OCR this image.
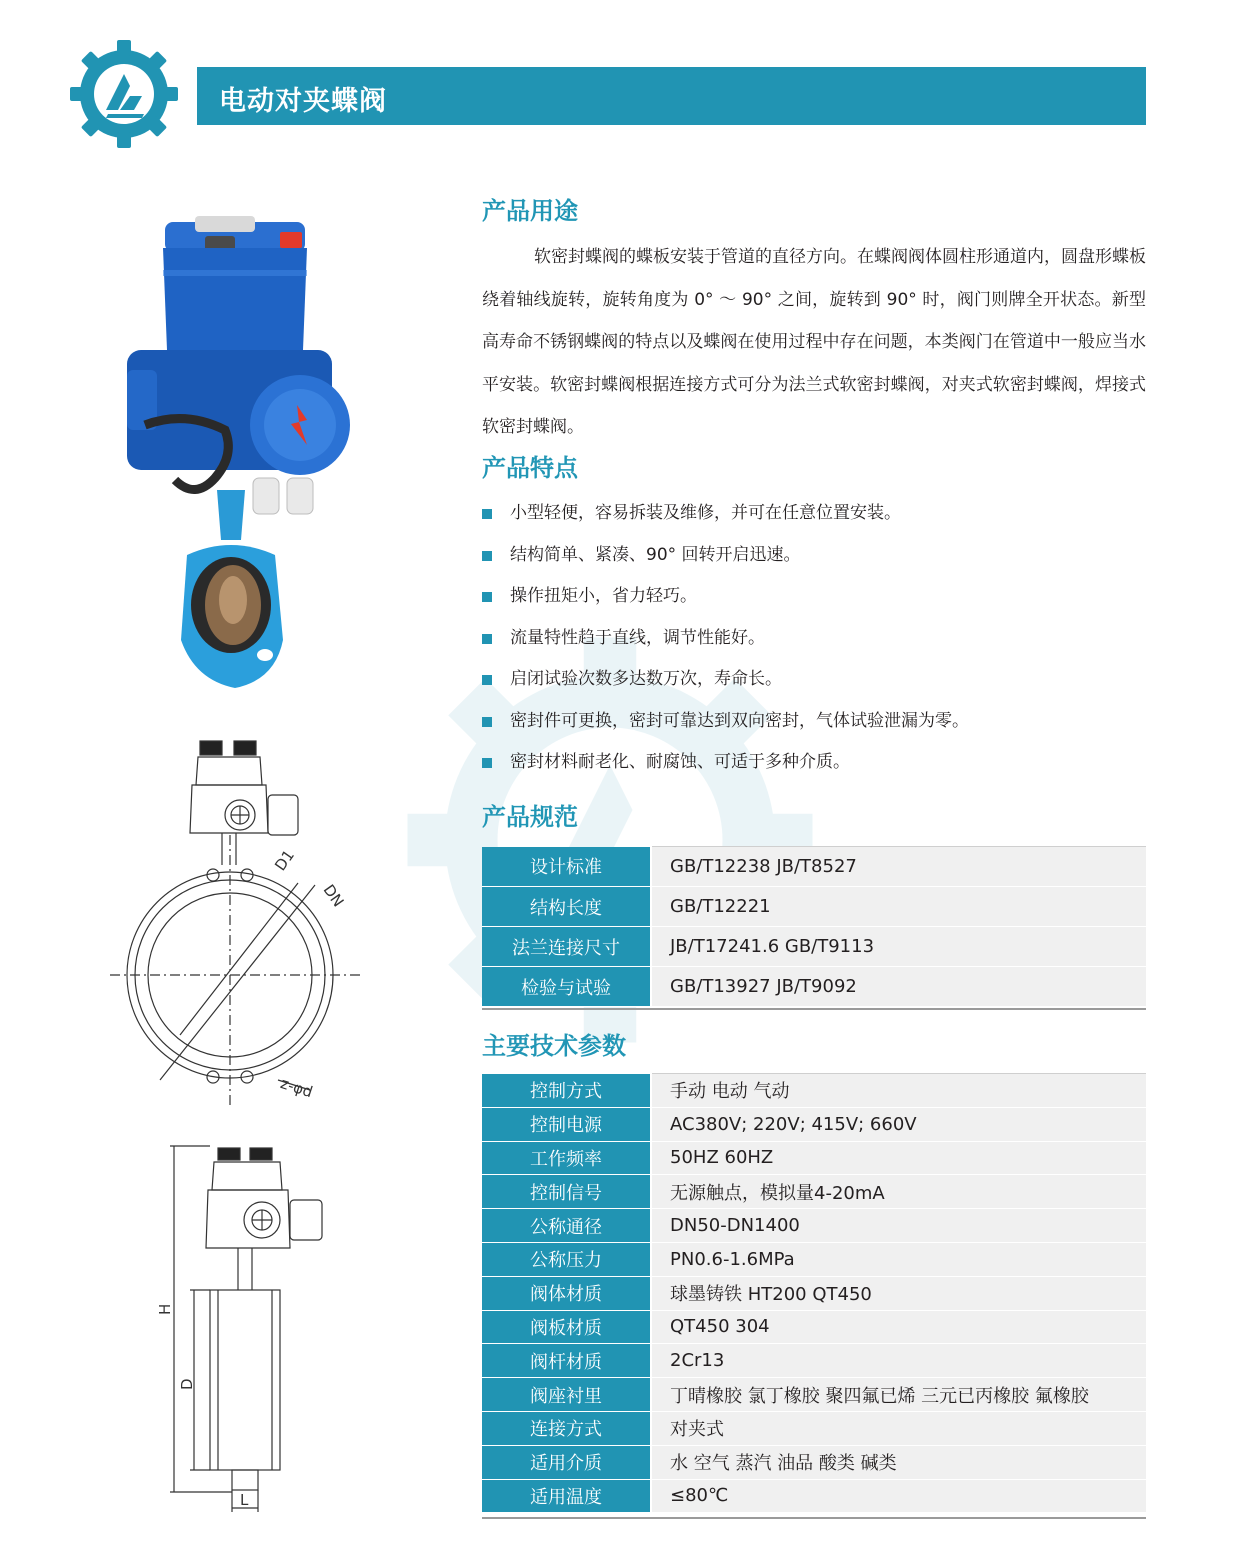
电动对夹蝶阀
D1
DN
z-φd
H
D
L
产品用途

软密封蝶阀的蝶板安装于管道的直径方向。在蝶阀阀体圆柱形通道内，圆盘形蝶板绕着轴线旋转，旋转角度为 0° ～ 90° 之间，旋转到 90° 时，阀门则牌全开状态。新型高寿命不锈钢蝶阀的特点以及蝶阀在使用过程中存在问题，本类阀门在管道中一般应当水平安装。软密封蝶阀根据连接方式可分为法兰式软密封蝶阀，对夹式软密封蝶阀，焊接式软密封蝶阀。

产品特点
小型轻便，容易拆装及维修，并可在任意位置安装。
结构简单、紧凑、90° 回转开启迅速。
操作扭矩小，省力轻巧。
流量特性趋于直线，调节性能好。
启闭试验次数多达数万次，寿命长。
密封件可更换，密封可靠达到双向密封，气体试验泄漏为零。
密封材料耐老化、耐腐蚀、可适于多种介质。
产品规范
设计标准	GB/T12238 JB/T8527
结构长度	GB/T12221
法兰连接尺寸	JB/T17241.6 GB/T9113
检验与试验	GB/T13927 JB/T9092
主要技术参数
控制方式	手动 电动 气动
控制电源	AC380V; 220V; 415V; 660V
工作频率	50HZ 60HZ
控制信号	无源触点，模拟量4-20mA
公称通径	DN50-DN1400
公称压力	PN0.6-1.6MPa
阀体材质	球墨铸铁 HT200 QT450
阀板材质	QT450 304
阀杆材质	2Cr13
阀座衬里	丁晴橡胶 氯丁橡胶 聚四氟已烯 三元已丙橡胶 氟橡胶
连接方式	对夹式
适用介质	水 空气 蒸汽 油品 酸类 碱类
适用温度	≤80℃
